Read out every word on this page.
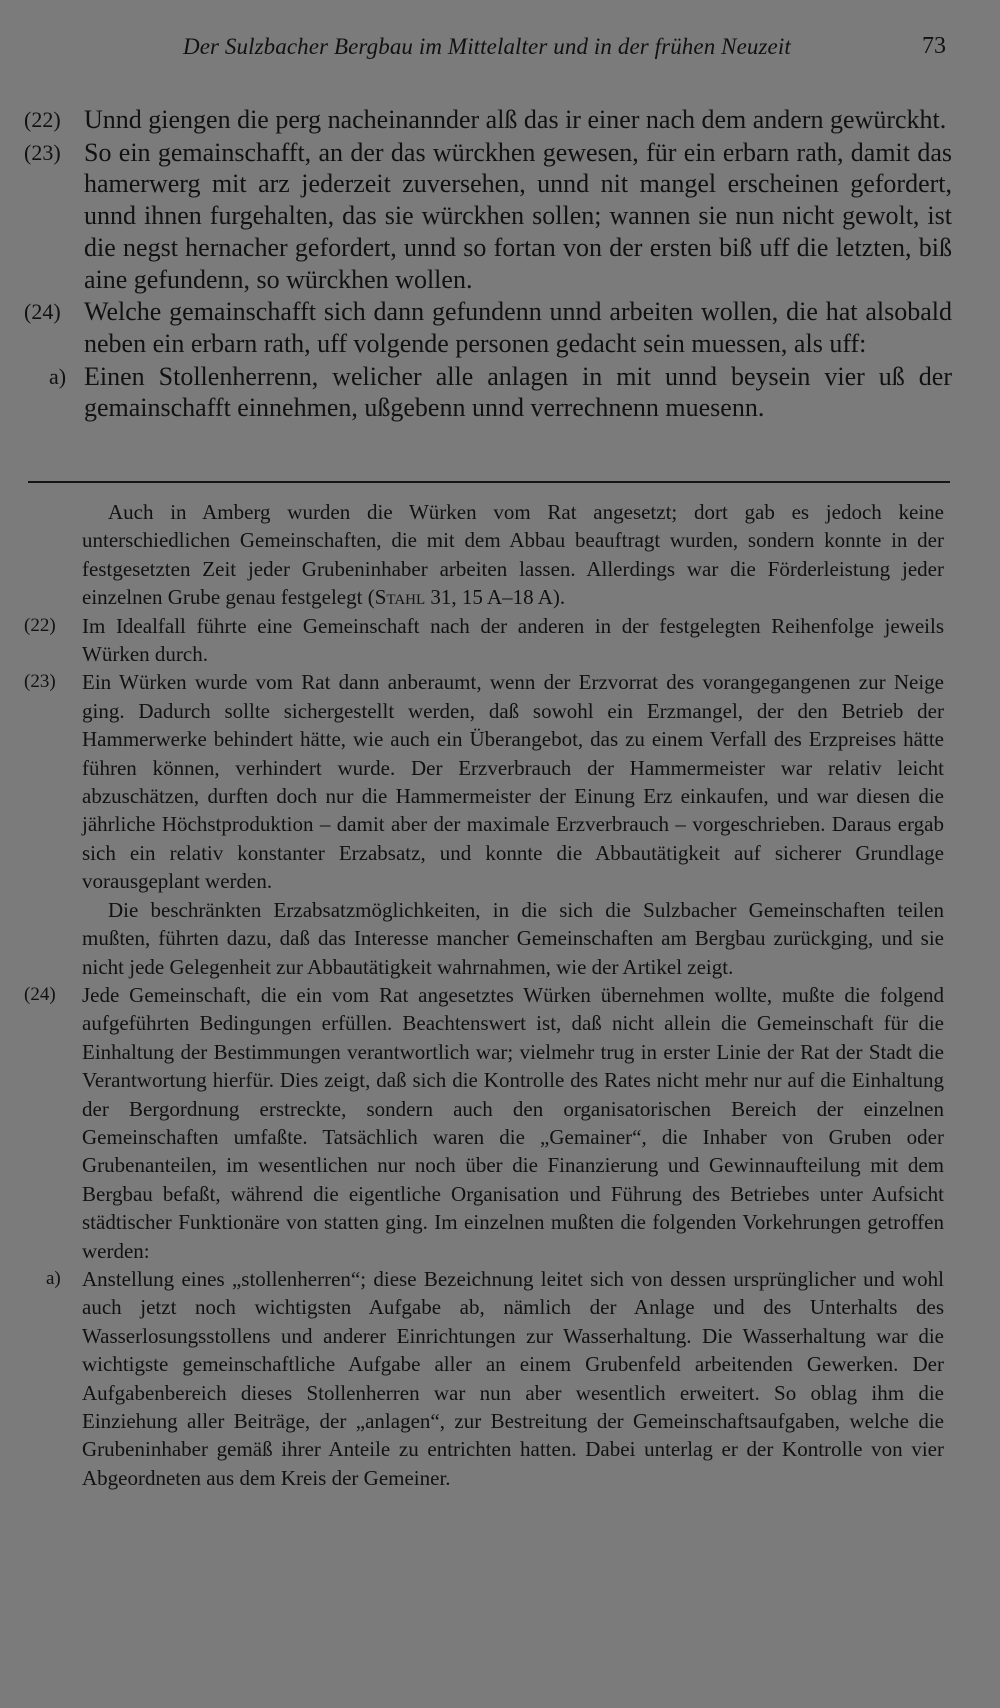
Der Sulzbacher Bergbau im Mittelalter und in der frühen Neuzeit	73

(22) Unnd giengen die perg nacheinannder alß das ir einer nach dem andern gewürckht.

(23) So ein gemainschafft, an der das würckhen gewesen, für ein erbarn rath, damit das hamerwerg mit arz jederzeit zuversehen, unnd nit mangel erscheinen gefordert, unnd ihnen furgehalten, das sie würckhen sollen; wannen sie nun nicht gewolt, ist die negst hernacher gefordert, unnd so fortan von der ersten biß uff die letzten, biß aine gefundenn, so würckhen wollen.

(24) Welche gemainschafft sich dann gefundenn unnd arbeiten wollen, die hat alsobald neben ein erbarn rath, uff volgende personen gedacht sein muessen, als uff:

a) Einen Stollenherrenn, welicher alle anlagen in mit unnd beysein vier uß der gemainschafft einnehmen, ußgebenn unnd verrechnenn muesenn.

Auch in Amberg wurden die Würken vom Rat angesetzt; dort gab es jedoch keine unterschiedlichen Gemeinschaften, die mit dem Abbau beauftragt wurden, sondern konnte in der festgesetzten Zeit jeder Grubeninhaber arbeiten lassen. Allerdings war die Förderleistung jeder einzelnen Grube genau festgelegt (Stahl 31, 15 A–18 A).

(22) Im Idealfall führte eine Gemeinschaft nach der anderen in der festgelegten Reihenfolge jeweils Würken durch.

(23) Ein Würken wurde vom Rat dann anberaumt, wenn der Erzvorrat des vorangegangenen zur Neige ging. Dadurch sollte sichergestellt werden, daß sowohl ein Erzmangel, der den Betrieb der Hammerwerke behindert hätte, wie auch ein Überangebot, das zu einem Verfall des Erzpreises hätte führen können, verhindert wurde. Der Erzverbrauch der Hammermeister war relativ leicht abzuschätzen, durften doch nur die Hammermeister der Einung Erz einkaufen, und war diesen die jährliche Höchstproduktion – damit aber der maximale Erzverbrauch – vorgeschrieben. Daraus ergab sich ein relativ konstanter Erzabsatz, und konnte die Abbautätigkeit auf sicherer Grundlage vorausgeplant werden.

Die beschränkten Erzabsatzmöglichkeiten, in die sich die Sulzbacher Gemeinschaften teilen mußten, führten dazu, daß das Interesse mancher Gemeinschaften am Bergbau zurückging, und sie nicht jede Gelegenheit zur Abbautätigkeit wahrnahmen, wie der Artikel zeigt.

(24) Jede Gemeinschaft, die ein vom Rat angesetztes Würken übernehmen wollte, mußte die folgend aufgeführten Bedingungen erfüllen. Beachtenswert ist, daß nicht allein die Gemeinschaft für die Einhaltung der Bestimmungen verantwortlich war; vielmehr trug in erster Linie der Rat der Stadt die Verantwortung hierfür. Dies zeigt, daß sich die Kontrolle des Rates nicht mehr nur auf die Einhaltung der Bergordnung erstreckte, sondern auch den organisatorischen Bereich der einzelnen Gemeinschaften umfaßte. Tatsächlich waren die „Gemainer“, die Inhaber von Gruben oder Grubenanteilen, im wesentlichen nur noch über die Finanzierung und Gewinnaufteilung mit dem Bergbau befaßt, während die eigentliche Organisation und Führung des Betriebes unter Aufsicht städtischer Funktionäre von statten ging. Im einzelnen mußten die folgenden Vorkehrungen getroffen werden:

a) Anstellung eines „stollenherren“; diese Bezeichnung leitet sich von dessen ursprünglicher und wohl auch jetzt noch wichtigsten Aufgabe ab, nämlich der Anlage und des Unterhalts des Wasserlosungsstollens und anderer Einrichtungen zur Wasserhaltung. Die Wasserhaltung war die wichtigste gemeinschaftliche Aufgabe aller an einem Grubenfeld arbeitenden Gewerken. Der Aufgabenbereich dieses Stollenherren war nun aber wesentlich erweitert. So oblag ihm die Einziehung aller Beiträge, der „anlagen“, zur Bestreitung der Gemeinschaftsaufgaben, welche die Grubeninhaber gemäß ihrer Anteile zu entrichten hatten. Dabei unterlag er der Kontrolle von vier Abgeordneten aus dem Kreis der Gemeiner.
